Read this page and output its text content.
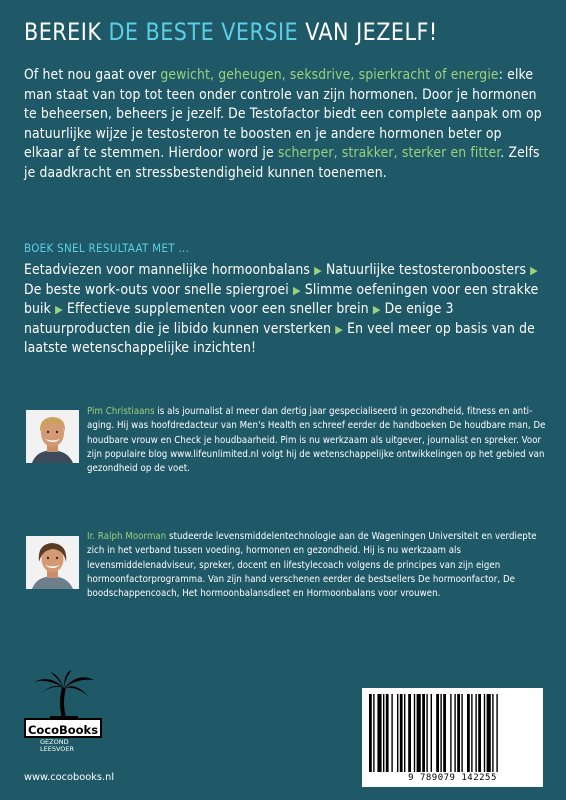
BEREIK DE BESTE VERSIE VAN JEZELF!
Of het nou gaat over gewicht, geheugen, seksdrive, spierkracht of energie: elke man staat van top tot teen onder controle van zijn hormonen. Door je hormonen te beheersen, beheers je jezelf. De Testofactor biedt een complete aanpak om op natuurlijke wijze je testosteron te boosten en je andere hormonen beter op elkaar af te stemmen. Hierdoor word je scherper, strakker, sterker en fitter. Zelfs je daadkracht en stressbestendigheid kunnen toenemen.
BOEK SNEL RESULTAAT MET ...
Eetadviezen voor mannelijke hormoonbalans ▶ Natuurlijke testosteronboosters ▶ De beste work-outs voor snelle spiergroei ▶ Slimme oefeningen voor een strakke buik ▶ Effectieve supplementen voor een sneller brein ▶ De enige 3 natuurproducten die je libido kunnen versterken ▶ En veel meer op basis van de laatste wetenschappelijke inzichten!
Pim Christiaans is als journalist al meer dan dertig jaar gespecialiseerd in gezondheid, fitness en anti-aging. Hij was hoofdredacteur van Men's Health en schreef eerder de handboeken De houdbare man, De houdbare vrouw en Check je houdbaarheid. Pim is nu werkzaam als uitgever, journalist en spreker. Voor zijn populaire blog www.lifeunlimited.nl volgt hij de wetenschappelijke ontwikkelingen op het gebied van gezondheid op de voet.
Ir. Ralph Moorman studeerde levensmiddelentechnologie aan de Wageningen Universiteit en verdiepte zich in het verband tussen voeding, hormonen en gezondheid. Hij is nu werkzaam als levensmiddelenadviseur, spreker, docent en lifestylecoach volgens de principes van zijn eigen hormoonfactorprogramma. Van zijn hand verschenen eerder de bestsellers De hormoonfactor, De boodschappencoach, Het hormoonbalansdieet en Hormoonbalans voor vrouwen.
CocoBooks
GEZOND LEESVOER
www.cocobooks.nl	9 789079 142255
